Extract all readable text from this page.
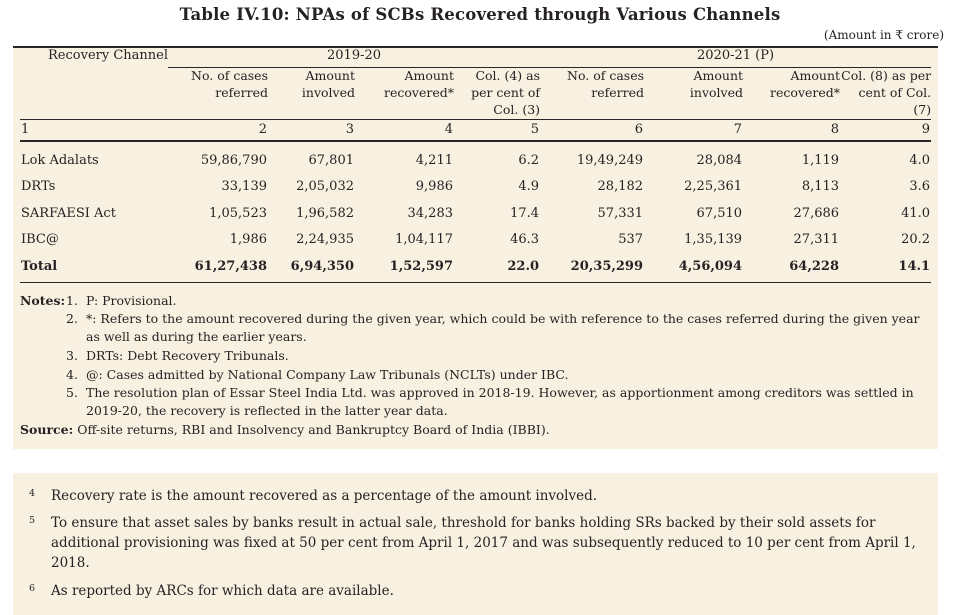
Table IV.10: NPAs of SCBs Recovered through Various Channels
(Amount in ₹ crore)
Recovery Channel	2019-20				2020-21 (P)			

	No. of cases referred	Amount involved	Amount recovered*	Col. (4) as per cent of Col. (3)	No. of cases referred	Amount involved	Amount recovered*	Col. (8) as per cent of Col. (7)
1	2	3	4	5	6	7	8	9
Lok Adalats	59,86,790	67,801	4,211	6.2	19,49,249	28,084	1,119	4.0
DRTs	33,139	2,05,032	9,986	4.9	28,182	2,25,361	8,113	3.6
SARFAESI Act	1,05,523	1,96,582	34,283	17.4	57,331	67,510	27,686	41.0
IBC@	1,986	2,24,935	1,04,117	46.3	537	1,35,139	27,311	20.2
Total	61,27,438	6,94,350	1,52,597	22.0	20,35,299	4,56,094	64,228	14.1
Notes: 1. P: Provisional.
2. *: Refers to the amount recovered during the given year, which could be with reference to the cases referred during the given year as well as during the earlier years.
3. DRTs: Debt Recovery Tribunals.
4. @: Cases admitted by National Company Law Tribunals (NCLTs) under IBC.
5. The resolution plan of Essar Steel India Ltd. was approved in 2018-19. However, as apportionment among creditors was settled in 2019-20, the recovery is reflected in the latter year data.
Source: Off-site returns, RBI and Insolvency and Bankruptcy Board of India (IBBI).
4	Recovery rate is the amount recovered as a percentage of the amount involved.
5	To ensure that asset sales by banks result in actual sale, threshold for banks holding SRs backed by their sold assets for additional provisioning was fixed at 50 per cent from April 1, 2017 and was subsequently reduced to 10 per cent from April 1, 2018.
6	As reported by ARCs for which data are available.
